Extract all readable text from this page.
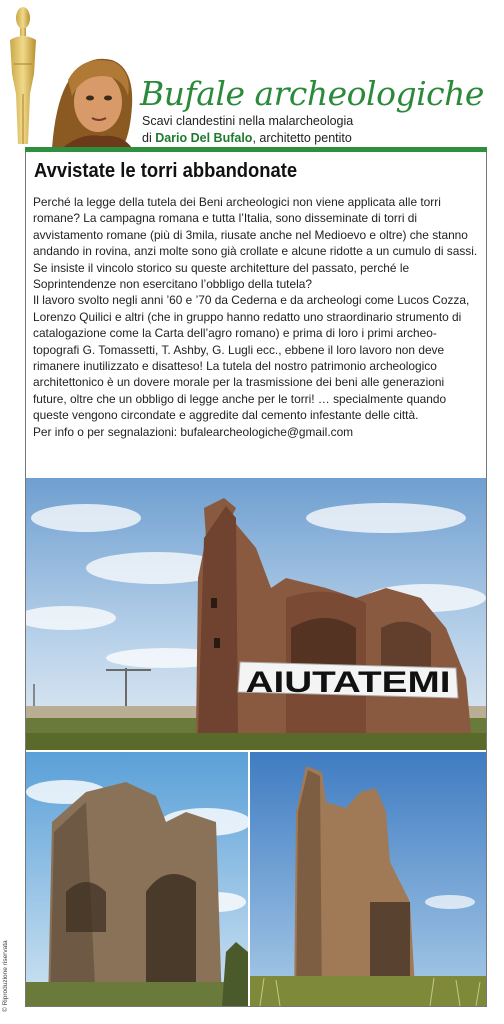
Bufale archeologiche
Scavi clandestini nella malarcheologia
di Dario Del Bufalo, architetto pentito
Avvistate le torri abbandonate

Perché la legge della tutela dei Beni archeologici non viene applicata alle torri romane? La campagna romana e tutta l’Italia, sono disseminate di torri di avvistamento romane (più di 3mila, riusate anche nel Medioevo e oltre) che stanno andando in rovina, anzi molte sono già crollate e alcune ridotte a un cumulo di sassi. Se insiste il vincolo storico su queste architetture del passato, perché le Soprintendenze non esercitano l’obbligo della tutela?

Il lavoro svolto negli anni ’60 e ’70 da Cederna e da archeologi come Lucos Cozza, Lorenzo Quilici e altri (che in gruppo hanno redatto uno straordinario strumento di catalogazione come la Carta dell’agro romano) e prima di loro i primi archeo-topografi G. Tomassetti, T. Ashby, G. Lugli ecc., ebbene il loro lavoro non deve rimanere inutilizzato e disatteso! La tutela del nostro patrimonio archeologico architettonico è un dovere morale per la trasmissione dei beni alle generazioni future, oltre che un obbligo di legge anche per le torri! … specialmente quando queste vengono circondate e aggredite dal cemento infestante delle città.

Per info o per segnalazioni: bufalearcheologiche@gmail.com

AIUTATEMI
© Riproduzione riservata
